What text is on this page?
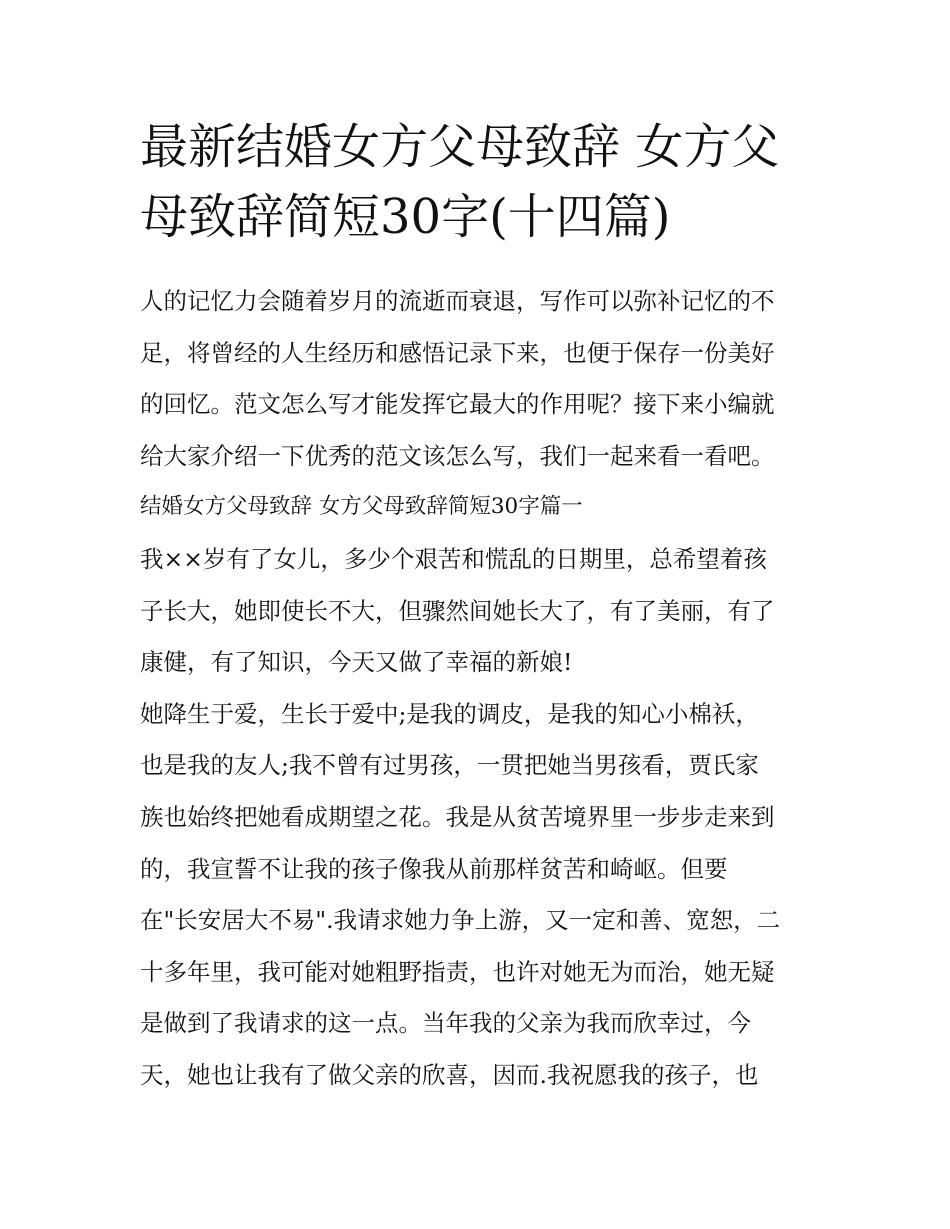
最新结婚女方父母致辞 女方父
母致辞简短30字(十四篇)
人的记忆力会随着岁月的流逝而衰退，写作可以弥补记忆的不
足，将曾经的人生经历和感悟记录下来，也便于保存一份美好
的回忆。范文怎么写才能发挥它最大的作用呢？接下来小编就
给大家介绍一下优秀的范文该怎么写，我们一起来看一看吧。
结婚女方父母致辞 女方父母致辞简短30字篇一
我××岁有了女儿，多少个艰苦和慌乱的日期里，总希望着孩
子长大，她即使长不大，但骤然间她长大了，有了美丽，有了
康健，有了知识，今天又做了幸福的新娘!
她降生于爱，生长于爱中;是我的调皮，是我的知心小棉袄，
也是我的友人;我不曾有过男孩，一贯把她当男孩看，贾氏家
族也始终把她看成期望之花。我是从贫苦境界里一步步走来到
的，我宣誓不让我的孩子像我从前那样贫苦和崎岖。但要
在"长安居大不易".我请求她力争上游，又一定和善、宽恕，二
十多年里，我可能对她粗野指责，也许对她无为而治，她无疑
是做到了我请求的这一点。当年我的父亲为我而欣幸过，今
天，她也让我有了做父亲的欣喜，因而.我祝愿我的孩子，也
